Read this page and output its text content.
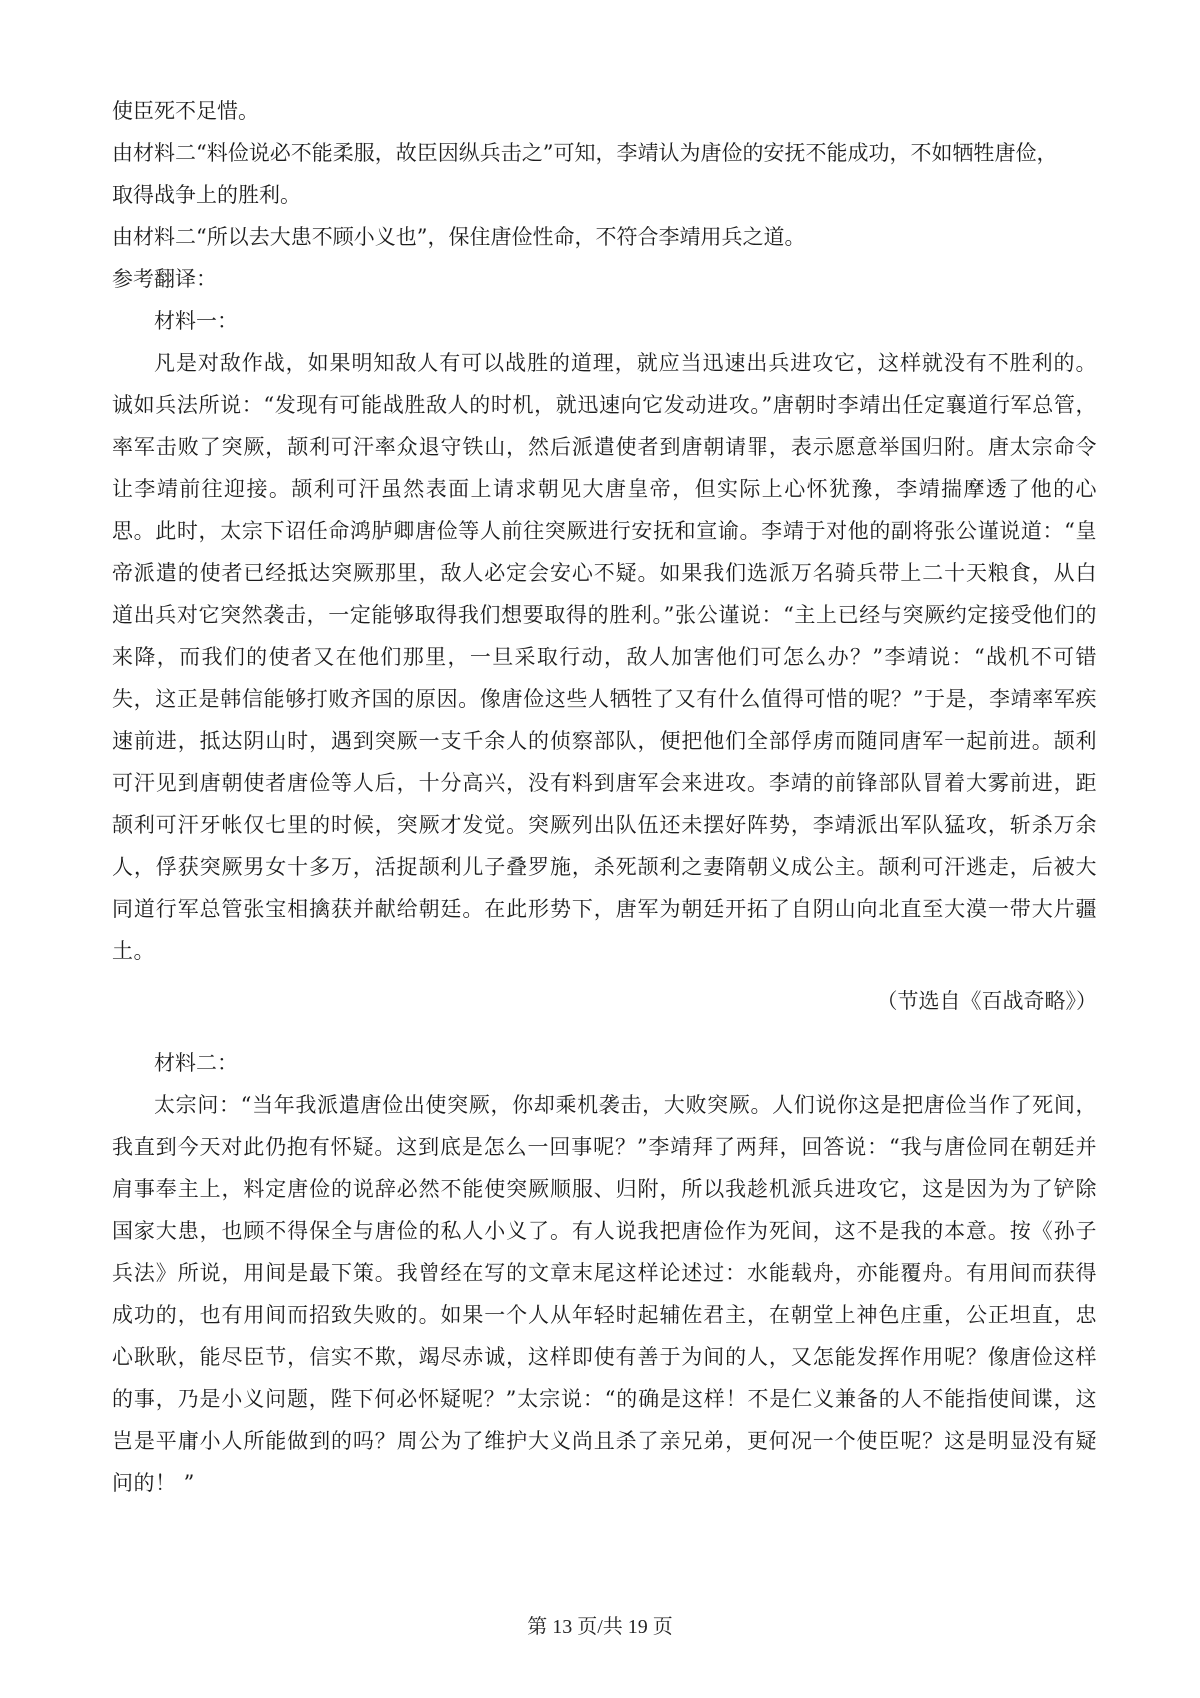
使臣死不足惜。

由材料二“料俭说必不能柔服，故臣因纵兵击之”可知，李靖认为唐俭的安抚不能成功，不如牺牲唐俭，

取得战争上的胜利。

由材料二“所以去大患不顾小义也”，保住唐俭性命，不符合李靖用兵之道。

参考翻译：

材料一：

凡是对敌作战，如果明知敌人有可以战胜的道理，就应当迅速出兵进攻它，这样就没有不胜利的。诚如兵法所说：“发现有可能战胜敌人的时机，就迅速向它发动进攻。”唐朝时李靖出任定襄道行军总管，率军击败了突厥，颉利可汗率众退守铁山，然后派遣使者到唐朝请罪，表示愿意举国归附。唐太宗命令让李靖前往迎接。颉利可汗虽然表面上请求朝见大唐皇帝，但实际上心怀犹豫，李靖揣摩透了他的心思。此时，太宗下诏任命鸿胪卿唐俭等人前往突厥进行安抚和宣谕。李靖于对他的副将张公谨说道：“皇帝派遣的使者已经抵达突厥那里，敌人必定会安心不疑。如果我们选派万名骑兵带上二十天粮食，从白道出兵对它突然袭击，一定能够取得我们想要取得的胜利。”张公谨说：“主上已经与突厥约定接受他们的来降，而我们的使者又在他们那里，一旦采取行动，敌人加害他们可怎么办？”李靖说：“战机不可错失，这正是韩信能够打败齐国的原因。像唐俭这些人牺牲了又有什么值得可惜的呢？”于是，李靖率军疾速前进，抵达阴山时，遇到突厥一支千余人的侦察部队，便把他们全部俘虏而随同唐军一起前进。颉利可汗见到唐朝使者唐俭等人后，十分高兴，没有料到唐军会来进攻。李靖的前锋部队冒着大雾前进，距颉利可汗牙帐仅七里的时候，突厥才发觉。突厥列出队伍还未摆好阵势，李靖派出军队猛攻，斩杀万余人，俘获突厥男女十多万，活捉颉利儿子叠罗施，杀死颉利之妻隋朝义成公主。颉利可汗逃走，后被大同道行军总管张宝相擒获并献给朝廷。在此形势下，唐军为朝廷开拓了自阴山向北直至大漠一带大片疆土。

（节选自《百战奇略》）

材料二：

太宗问：“当年我派遣唐俭出使突厥，你却乘机袭击，大败突厥。人们说你这是把唐俭当作了死间，我直到今天对此仍抱有怀疑。这到底是怎么一回事呢？”李靖拜了两拜，回答说：“我与唐俭同在朝廷并肩事奉主上，料定唐俭的说辞必然不能使突厥顺服、归附，所以我趁机派兵进攻它，这是因为为了铲除国家大患，也顾不得保全与唐俭的私人小义了。有人说我把唐俭作为死间，这不是我的本意。按《孙子兵法》所说，用间是最下策。我曾经在写的文章末尾这样论述过：水能载舟，亦能覆舟。有用间而获得成功的，也有用间而招致失败的。如果一个人从年轻时起辅佐君主，在朝堂上神色庄重，公正坦直，忠心耿耿，能尽臣节，信实不欺，竭尽赤诚，这样即使有善于为间的人，又怎能发挥作用呢？像唐俭这样的事，乃是小义问题，陛下何必怀疑呢？”太宗说：“的确是这样！不是仁义兼备的人不能指使间谍，这岂是平庸小人所能做到的吗？周公为了维护大义尚且杀了亲兄弟，更何况一个使臣呢？这是明显没有疑问的！ ”

第 13 页/共 19 页
